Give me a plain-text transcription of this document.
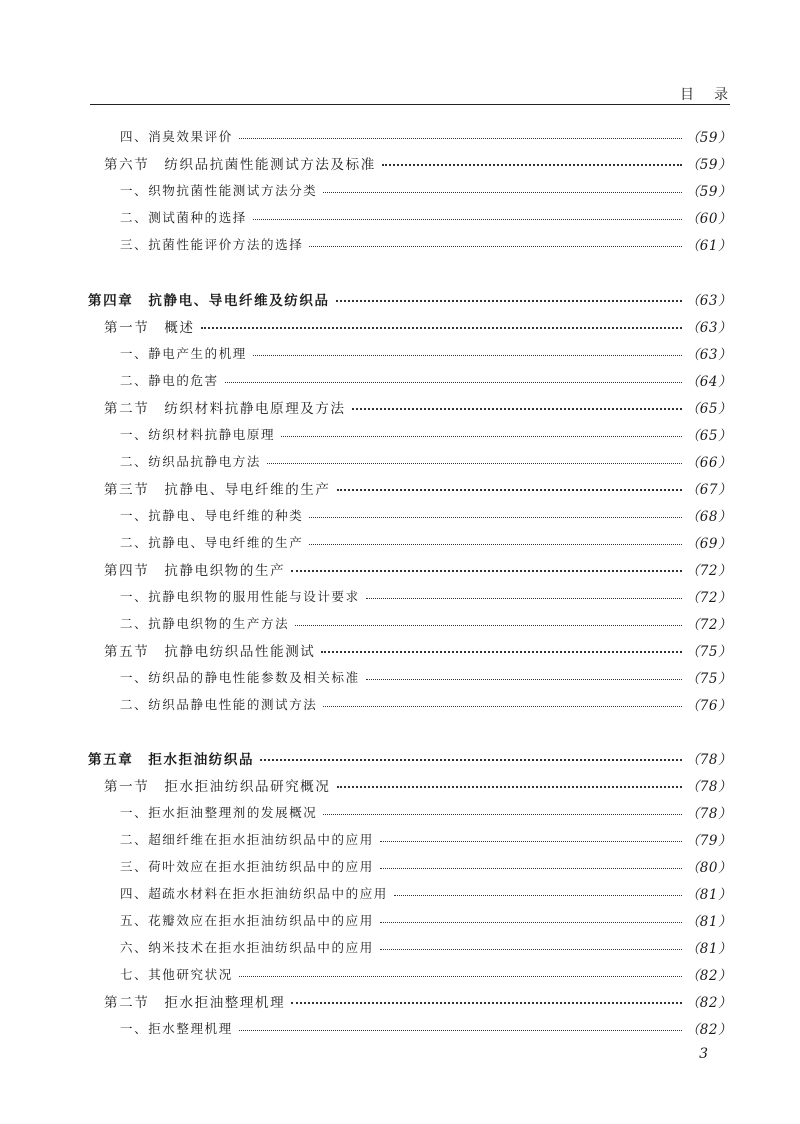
目录
四、消臭效果评价	（59）
第六节　纺织品抗菌性能测试方法及标准	（59）
一、织物抗菌性能测试方法分类	（59）
二、测试菌种的选择	（60）
三、抗菌性能评价方法的选择	（61）
第四章　抗静电、导电纤维及纺织品	（63）
第一节　概述	（63）
一、静电产生的机理	（63）
二、静电的危害	（64）
第二节　纺织材料抗静电原理及方法	（65）
一、纺织材料抗静电原理	（65）
二、纺织品抗静电方法	（66）
第三节　抗静电、导电纤维的生产	（67）
一、抗静电、导电纤维的种类	（68）
二、抗静电、导电纤维的生产	（69）
第四节　抗静电织物的生产	（72）
一、抗静电织物的服用性能与设计要求	（72）
二、抗静电织物的生产方法	（72）
第五节　抗静电纺织品性能测试	（75）
一、纺织品的静电性能参数及相关标准	（75）
二、纺织品静电性能的测试方法	（76）
第五章　拒水拒油纺织品	（78）
第一节　拒水拒油纺织品研究概况	（78）
一、拒水拒油整理剂的发展概况	（78）
二、超细纤维在拒水拒油纺织品中的应用	（79）
三、荷叶效应在拒水拒油纺织品中的应用	（80）
四、超疏水材料在拒水拒油纺织品中的应用	（81）
五、花瓣效应在拒水拒油纺织品中的应用	（81）
六、纳米技术在拒水拒油纺织品中的应用	（81）
七、其他研究状况	（82）
第二节　拒水拒油整理机理	（82）
一、拒水整理机理	（82）
3
